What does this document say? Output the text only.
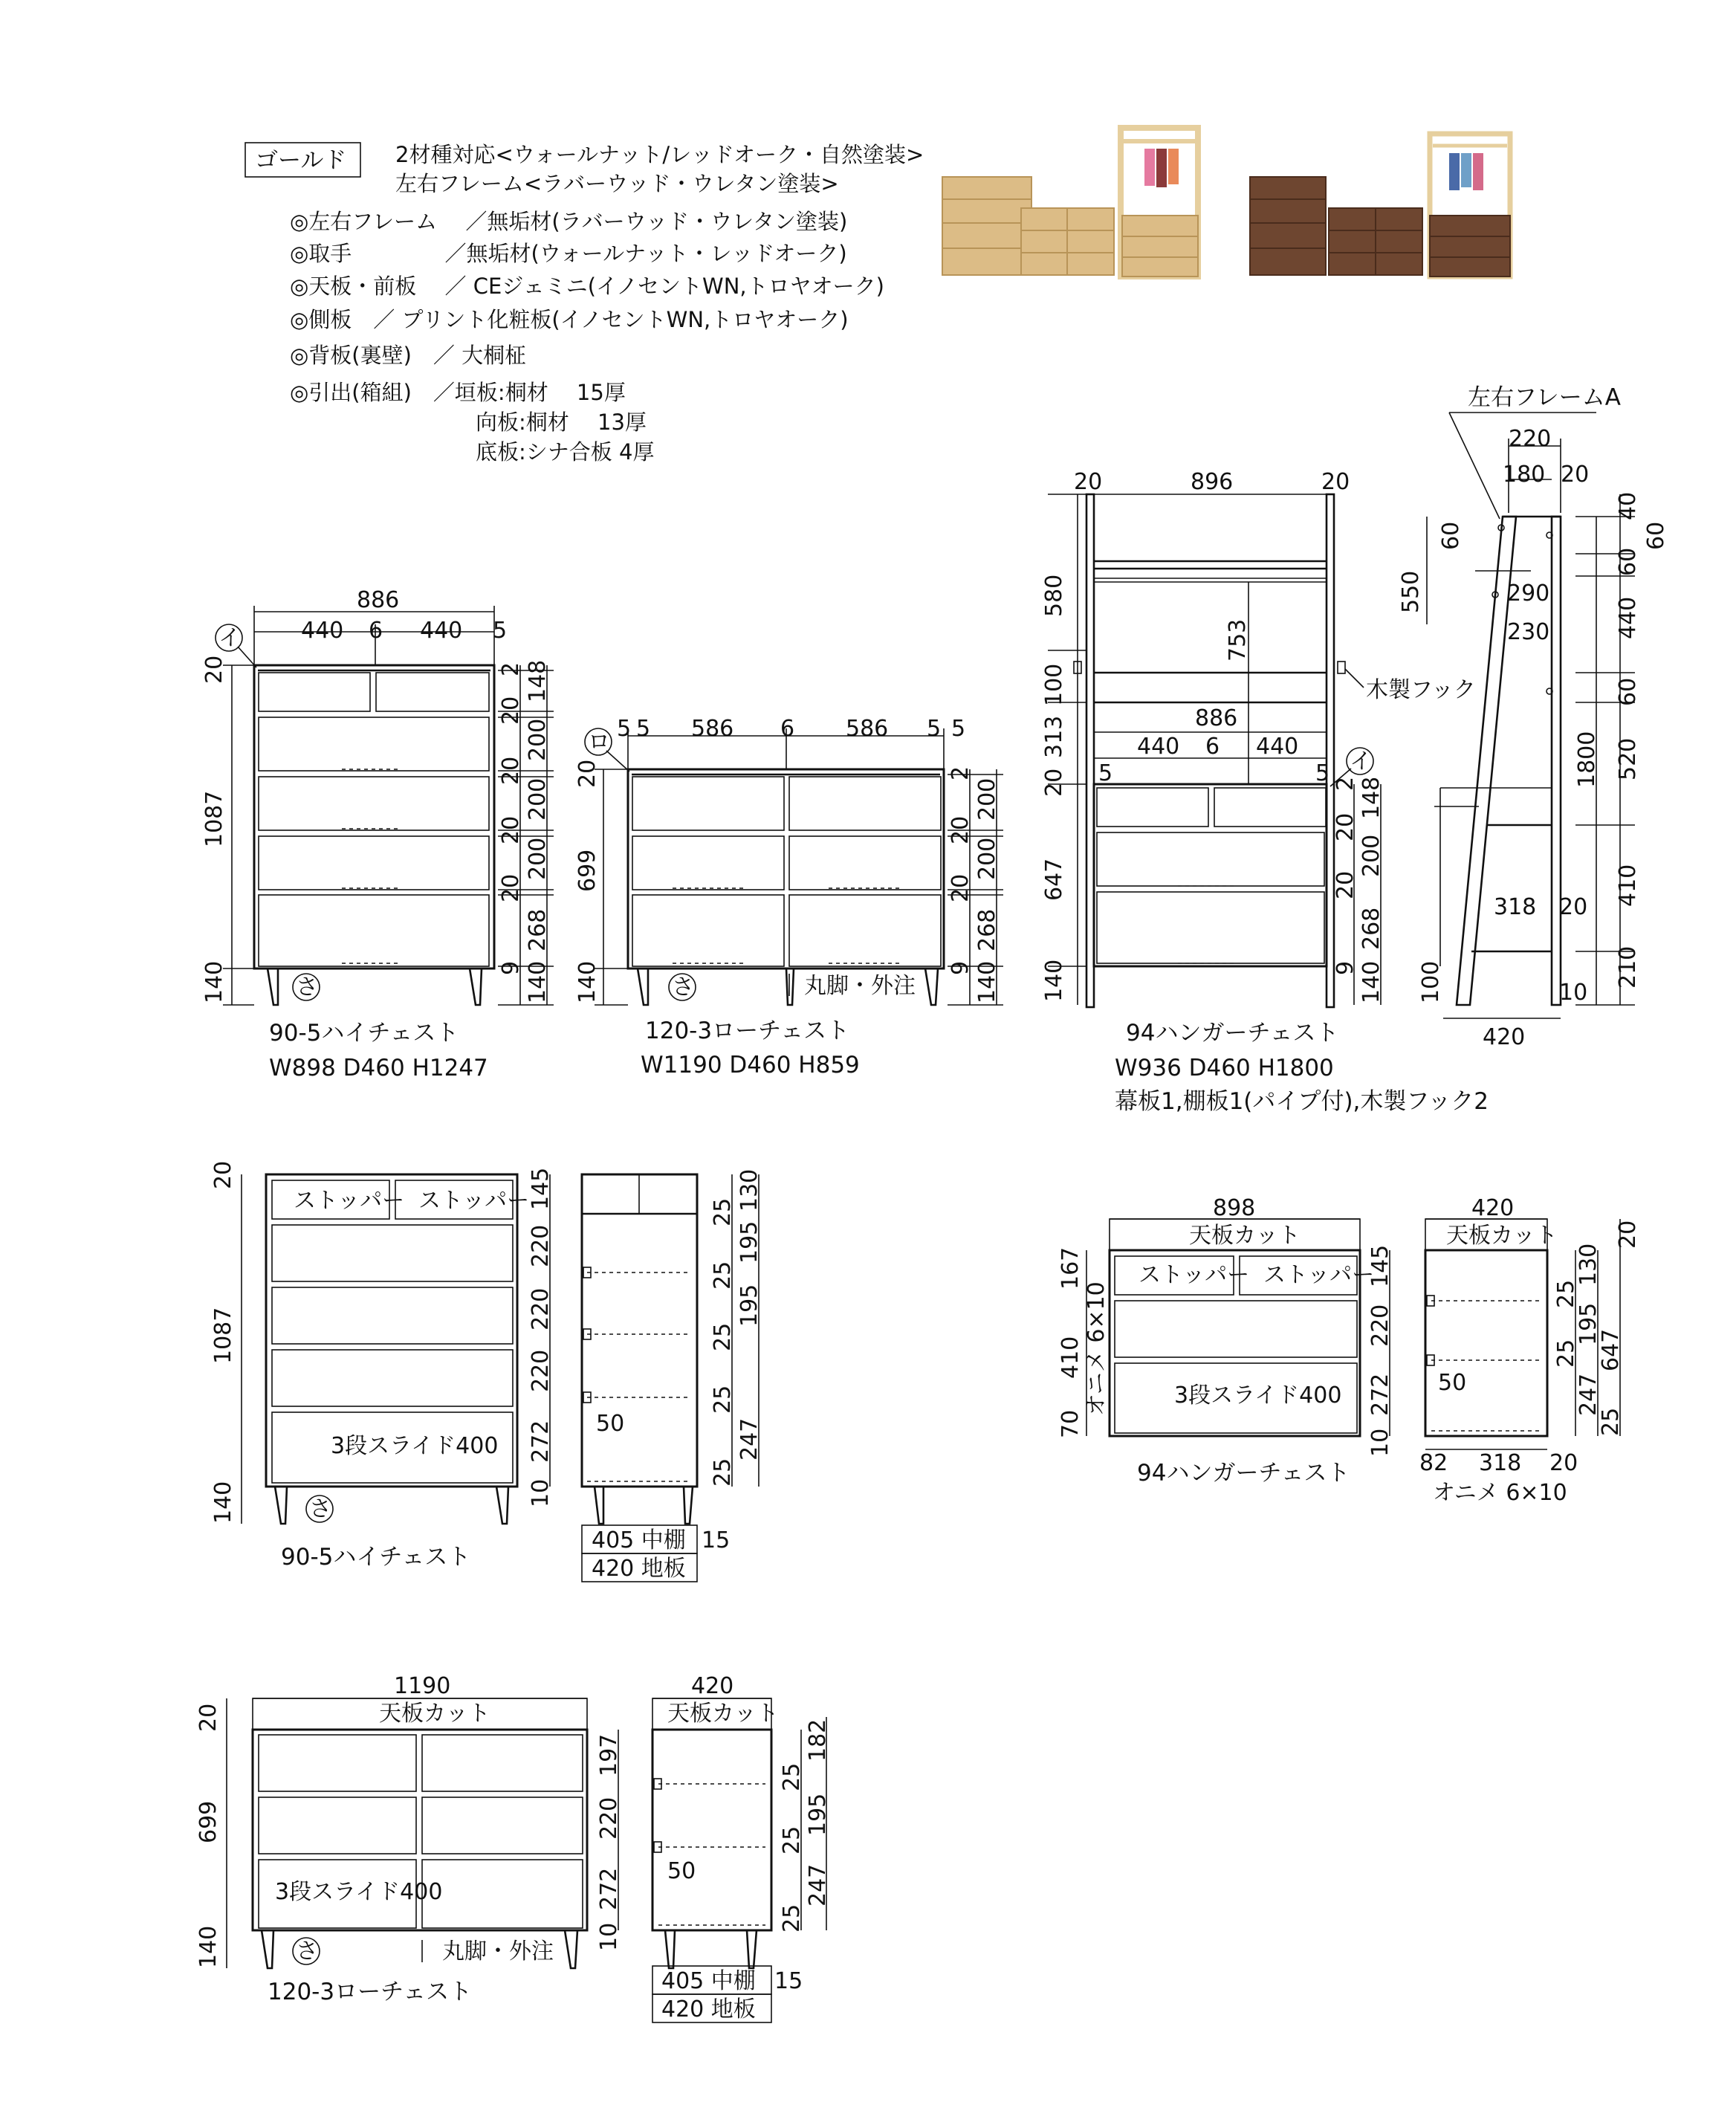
ゴールド 2材種対応<ウォールナット/レッドオーク・自然塗装>
左右フレーム<ラバーウッド・ウレタン塗装>
◎左右フレーム　 ／無垢材(ラバーウッド・ウレタン塗装)
◎取手　　　　 ／無垢材(ウォールナット・レッドオーク)
◎天板・前板　 ／ CEジェミニ(イノセントWN,トロヤオーク)
◎側板　／ プリント化粧板(イノセントWN,トロヤオーク)
◎背板(裏壁)　／ 大桐柾
◎引出(箱組)　／垣板:桐材　 15厚
向板:桐材　 13厚
底板:シナ合板 4厚
886
440 6 440 5
イ
20
1087
140	さ
2 148
20
200
20
200
20
200
20
268
9 140
90-5ハイチェスト
W898 D460 H1247
5 5 586 6 586 5 5
ロ
20
699
140	さ	丸脚・外注
2
200
20
200
20
268
9 140
120-3ローチェスト
W1190 D460 H859
753
20	896	20
886
440 6 440
5	5 イ
木製フック
580
100
313
20
647
140
2 148
20
200
20
268
9 140
94ハンガーチェスト
W936 D460 H1800
幕板1,棚板1(パイプ付),木製フック2
左右フレームA
220
180 20
60
550	290
230
318 20
420
100	10
1800
40
60
440
60
520
410
210
60
ストッパー ストッパー
3段スライド400
さ
20
1087
140
145
220
220
220
272
10
90-5ハイチェスト
50
25
130
25
195
25
195
25
247
25
405 中棚
420 地板
15
898
天板カット
ストッパー ストッパー
3段スライド400
167
410
70
オニメ 6×10
145
220
272
10
94ハンガーチェスト
420
天板カット
50
25
130
195
25
247
25
647
20
82 318 20
オニメ 6×10
1190
天板カット
3段スライド400
さ	丸脚・外注
20
699
140
197
220
272
10
120-3ローチェスト
420
天板カット
50
182
25
195
25
247
25
405 中棚
420 地板
15
